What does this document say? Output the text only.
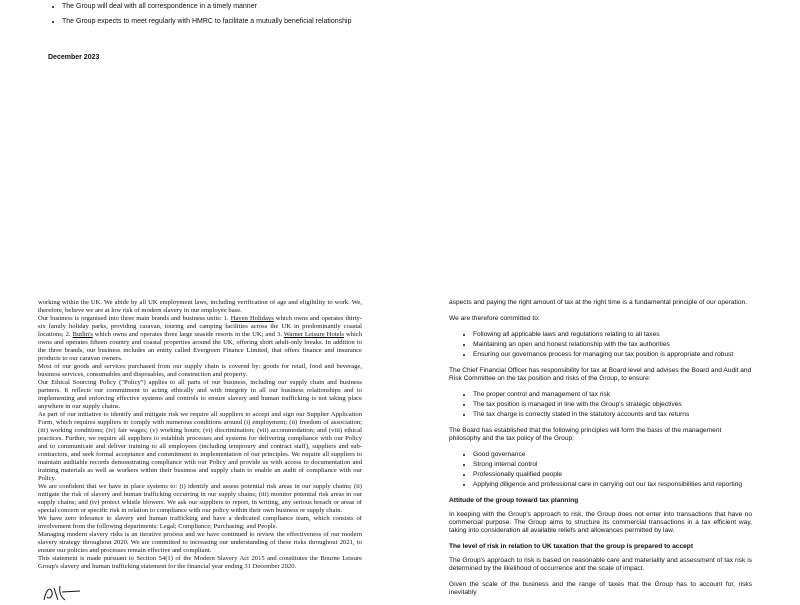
• The Group will deal with all correspondence in a timely manner
• The Group expects to meet regularly with HMRC to facilitate a mutually beneficial relationship
December 2023

working within the UK. We abide by all UK employment laws, including verification of age and eligibility to work. We, therefore, believe we are at low risk of modern slavery in our employee base.

Our business is organised into three main brands and business units: 1. Haven Holidays which owns and operates thirty-six family holiday parks, providing caravan, touring and camping facilities across the UK in predominantly coastal locations; 2. Butlin's which owns and operates three large seaside resorts in the UK; and 3. Warner Leisure Hotels which owns and operates fifteen country and coastal properties around the UK, offering short adult-only breaks. In addition to the three brands, our business includes an entity called Evergreen Finance Limited, that offers finance and insurance products to our caravan owners.

Most of our goods and services purchased from our supply chain is covered by: goods for retail, food and beverage, business services, consumables and disposables, and construction and property.

Our Ethical Sourcing Policy ("Policy") applies to all parts of our business, including our supply chain and business partners. It reflects our commitment to acting ethically and with integrity in all our business relationships and to implementing and enforcing effective systems and controls to ensure slavery and human trafficking is not taking place anywhere in our supply chains.

As part of our initiative to identify and mitigate risk we require all suppliers to accept and sign our Supplier Application Form, which requires suppliers to comply with numerous conditions around (i) employment; (ii) freedom of association; (iii) working conditions; (iv) fair wages; (v) working hours; (vi) discrimination; (vii) accommodation; and (viii) ethical practices. Further, we require all suppliers to establish processes and systems for delivering compliance with our Policy and to communicate and deliver training to all employees (including temporary and contract staff), suppliers and sub-contractors, and seek formal acceptance and commitment to implementation of our principles. We require all suppliers to maintain auditable records demonstrating compliance with our Policy and provide us with access to documentation and training materials as well as workers within their business and supply chain to enable an audit of compliance with our Policy.

We are confident that we have in place systems to: (i) identify and assess potential risk areas in our supply chains; (ii) mitigate the risk of slavery and human trafficking occurring in our supply chains; (iii) monitor potential risk areas in our supply chains; and (iv) protect whistle blowers. We ask our suppliers to report, in writing, any serious breach or areas of special concern or specific risk in relation to compliance with our policy within their own business or supply chain.

We have zero tolerance to slavery and human trafficking and have a dedicated compliance team, which consists of involvement from the following departments: Legal; Compliance; Purchasing; and People.

Managing modern slavery risks is an iterative process and we have continued to review the effectiveness of our modern slavery strategy throughout 2020. We are committed to increasing our understanding of these risks throughout 2021, to ensure our policies and processes remain effective and compliant.

This statement is made pursuant to Section 54(1) of the Modern Slavery Act 2015 and constitutes the Bourne Leisure Group's slavery and human trafficking statement for the financial year ending 31 December 2020.

aspects and paying the right amount of tax at the right time is a fundamental principle of our operation.

We are therefore committed to:

• Following all applicable laws and regulations relating to all taxes
• Maintaining an open and honest relationship with the tax authorities
• Ensuring our governance process for managing our tax position is appropriate and robust

The Chief Financial Officer has responsibility for tax at Board level and advises the Board and Audit and Risk Committee on the tax position and risks of the Group, to ensure:

• The proper control and management of tax risk
• The tax position is managed in line with the Group's strategic objectives
• The tax charge is correctly stated in the statutory accounts and tax returns

The Board has established that the following principles will form the basis of the management philosophy and the tax policy of the Group:

• Good governance
• Strong internal control
• Professionally qualified people
• Applying diligence and professional care in carrying out our tax responsibilities and reporting
Attitude of the group toward tax planning

In keeping with the Group's approach to risk, the Group does not enter into transactions that have no commercial purpose. The Group aims to structure its commercial transactions in a tax efficient way, taking into consideration all available reliefs and allowances permitted by law.

The level of risk in relation to UK taxation that the group is prepared to accept

The Group's approach to risk is based on reasonable care and materiality and assessment of tax risk is determined by the likelihood of occurrence and the scale of impact.

Given the scale of the business and the range of taxes that the Group has to account for, risks inevitably
